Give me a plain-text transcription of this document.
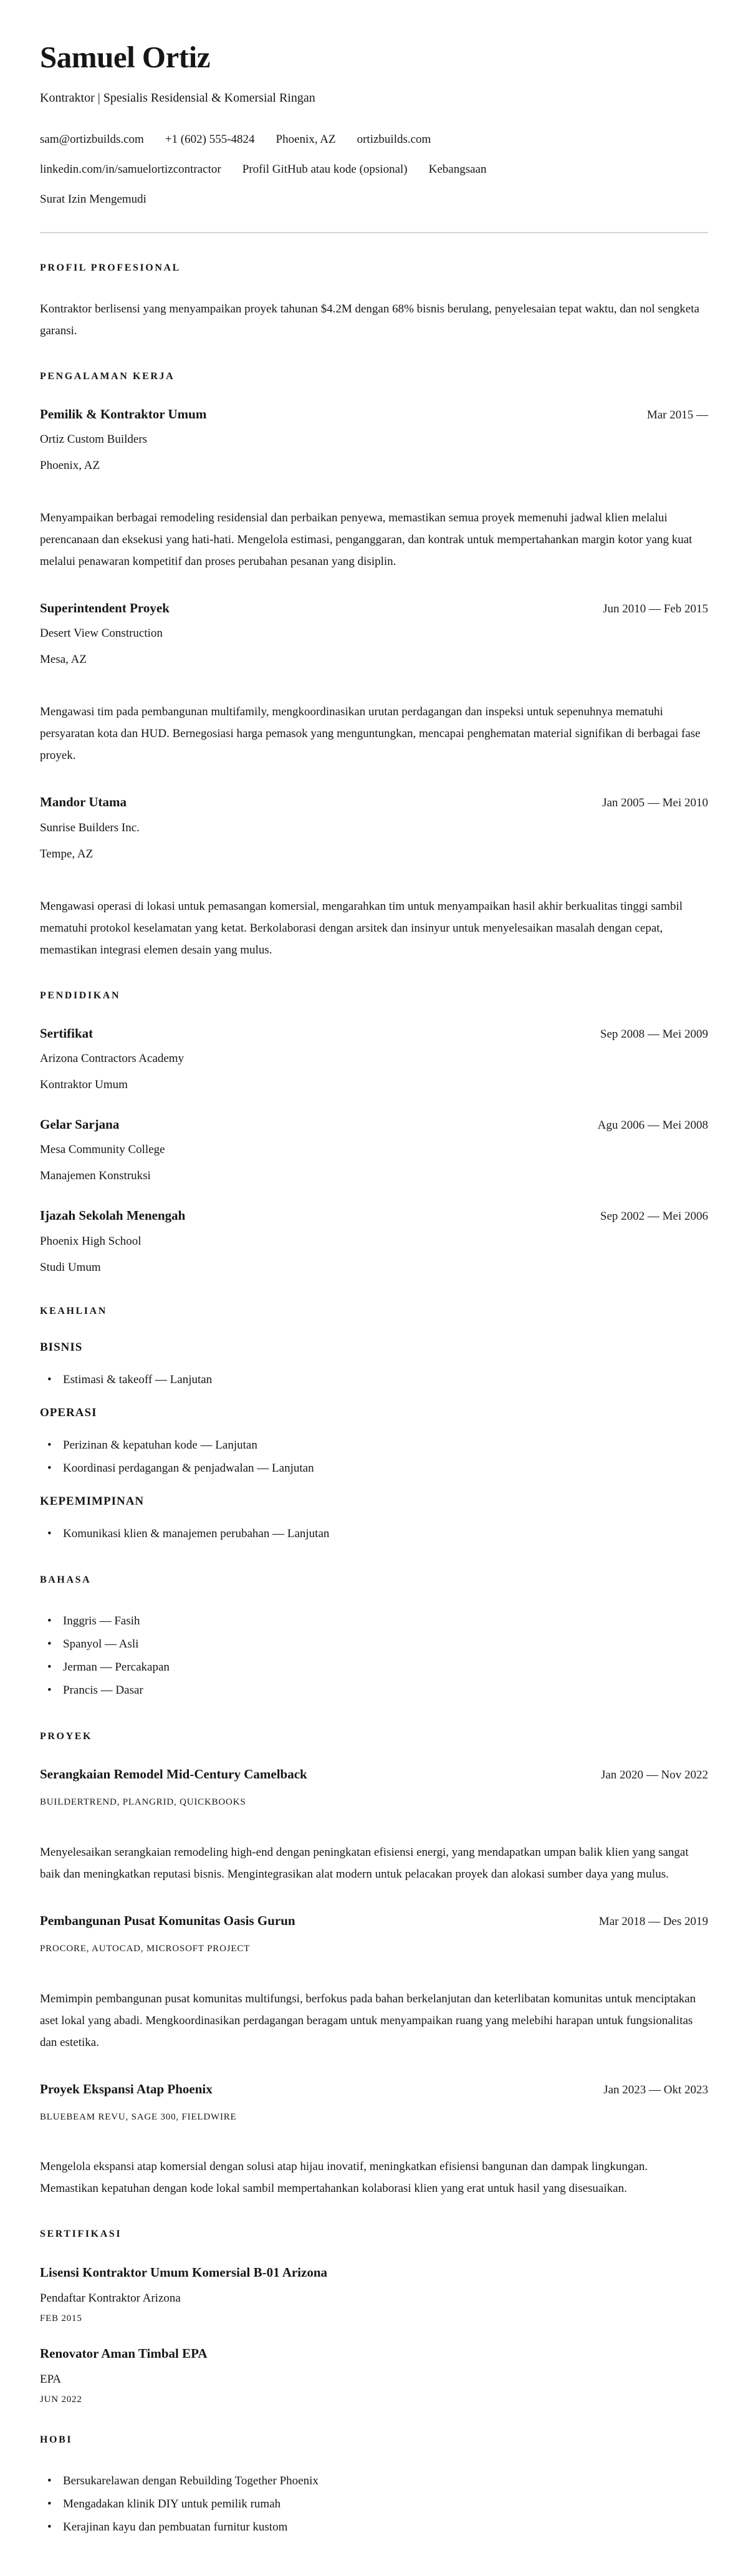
Samuel Ortiz

Kontraktor | Spesialis Residensial & Komersial Ringan

sam@ortizbuilds.com +1 (602) 555-4824 Phoenix, AZ ortizbuilds.com
linkedin.com/in/samuelortizcontractor Profil GitHub atau kode (opsional) Kebangsaan
Surat Izin Mengemudi
PROFIL PROFESIONAL

Kontraktor berlisensi yang menyampaikan proyek tahunan $4.2M dengan 68% bisnis berulang, penyelesaian tepat waktu, dan nol sengketa garansi.

PENGALAMAN KERJA
Pemilik & Kontraktor Umum	Mar 2015 —

Ortiz Custom Builders

Phoenix, AZ

Menyampaikan berbagai remodeling residensial dan perbaikan penyewa, memastikan semua proyek memenuhi jadwal klien melalui perencanaan dan eksekusi yang hati-hati. Mengelola estimasi, penganggaran, dan kontrak untuk mempertahankan margin kotor yang kuat melalui penawaran kompetitif dan proses perubahan pesanan yang disiplin.

Superintendent Proyek	Jun 2010 — Feb 2015

Desert View Construction

Mesa, AZ

Mengawasi tim pada pembangunan multifamily, mengkoordinasikan urutan perdagangan dan inspeksi untuk sepenuhnya mematuhi persyaratan kota dan HUD. Bernegosiasi harga pemasok yang menguntungkan, mencapai penghematan material signifikan di berbagai fase proyek.

Mandor Utama	Jan 2005 — Mei 2010

Sunrise Builders Inc.

Tempe, AZ

Mengawasi operasi di lokasi untuk pemasangan komersial, mengarahkan tim untuk menyampaikan hasil akhir berkualitas tinggi sambil mematuhi protokol keselamatan yang ketat. Berkolaborasi dengan arsitek dan insinyur untuk menyelesaikan masalah dengan cepat, memastikan integrasi elemen desain yang mulus.

PENDIDIKAN
Sertifikat	Sep 2008 — Mei 2009

Arizona Contractors Academy

Kontraktor Umum

Gelar Sarjana	Agu 2006 — Mei 2008

Mesa Community College

Manajemen Konstruksi

Ijazah Sekolah Menengah	Sep 2002 — Mei 2006

Phoenix High School

Studi Umum

KEAHLIAN
BISNIS
• Estimasi & takeoff — Lanjutan
OPERASI
• Perizinan & kepatuhan kode — Lanjutan
• Koordinasi perdagangan & penjadwalan — Lanjutan
KEPEMIMPINAN
• Komunikasi klien & manajemen perubahan — Lanjutan
BAHASA
• Inggris — Fasih
• Spanyol — Asli
• Jerman — Percakapan
• Prancis — Dasar
PROYEK
Serangkaian Remodel Mid-Century Camelback	Jan 2020 — Nov 2022

BUILDERTREND, PLANGRID, QUICKBOOKS

Menyelesaikan serangkaian remodeling high-end dengan peningkatan efisiensi energi, yang mendapatkan umpan balik klien yang sangat baik dan meningkatkan reputasi bisnis. Mengintegrasikan alat modern untuk pelacakan proyek dan alokasi sumber daya yang mulus.

Pembangunan Pusat Komunitas Oasis Gurun	Mar 2018 — Des 2019

PROCORE, AUTOCAD, MICROSOFT PROJECT

Memimpin pembangunan pusat komunitas multifungsi, berfokus pada bahan berkelanjutan dan keterlibatan komunitas untuk menciptakan aset lokal yang abadi. Mengkoordinasikan perdagangan beragam untuk menyampaikan ruang yang melebihi harapan untuk fungsionalitas dan estetika.

Proyek Ekspansi Atap Phoenix	Jan 2023 — Okt 2023

BLUEBEAM REVU, SAGE 300, FIELDWIRE

Mengelola ekspansi atap komersial dengan solusi atap hijau inovatif, meningkatkan efisiensi bangunan dan dampak lingkungan. Memastikan kepatuhan dengan kode lokal sambil mempertahankan kolaborasi klien yang erat untuk hasil yang disesuaikan.

SERTIFIKASI
Lisensi Kontraktor Umum Komersial B-01 Arizona

Pendaftar Kontraktor Arizona

FEB 2015

Renovator Aman Timbal EPA

EPA

JUN 2022

HOBI
• Bersukarelawan dengan Rebuilding Together Phoenix
• Mengadakan klinik DIY untuk pemilik rumah
• Kerajinan kayu dan pembuatan furnitur kustom
